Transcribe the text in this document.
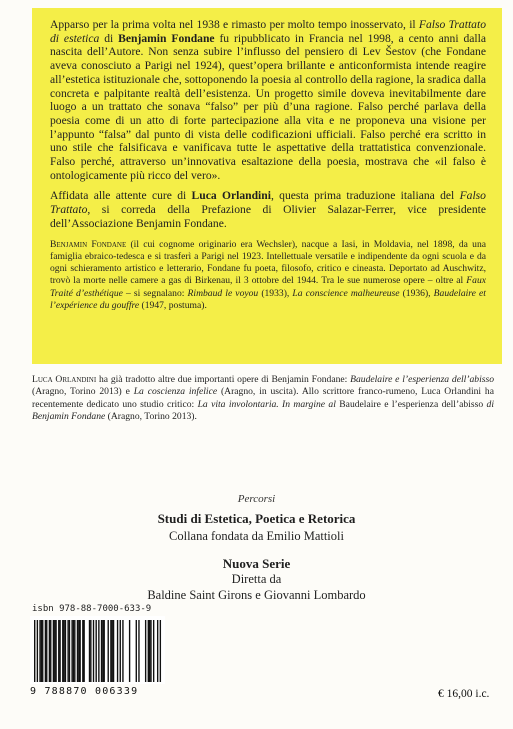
Apparso per la prima volta nel 1938 e rimasto per molto tempo inosservato, il Falso Trattato di estetica di Benjamin Fondane fu ripubblicato in Francia nel 1998, a cento anni dalla nascita dell’Autore. Non senza subire l’influsso del pensiero di Lev Šestov (che Fondane aveva conosciuto a Parigi nel 1924), quest’opera brillante e anticonformista intende reagire all’estetica istituzionale che, sottoponendo la poesia al controllo della ragione, la sradica dalla concreta e palpitante realtà dell’esistenza. Un progetto simile doveva inevitabilmente dare luogo a un trattato che sonava “falso” per più d’una ragione. Falso perché parlava della poesia come di un atto di forte partecipazione alla vita e ne proponeva una visione per l’appunto “falsa” dal punto di vista delle codificazioni ufficiali. Falso perché era scritto in uno stile che falsificava e vanificava tutte le aspettative della trattatistica convenzionale. Falso perché, attraverso un’innovativa esaltazione della poesia, mostrava che «il falso è ontologicamente più ricco del vero».

Affidata alle attente cure di Luca Orlandini, questa prima traduzione italiana del Falso Trattato, si correda della Prefazione di Olivier Salazar-Ferrer, vice presidente dell’Associazione Benjamin Fondane.

Benjamin Fondane (il cui cognome originario era Wechsler), nacque a Iasi, in Moldavia, nel 1898, da una famiglia ebraico-tedesca e si trasferì a Parigi nel 1923. Intellettuale versatile e indipendente da ogni scuola e da ogni schieramento artistico e letterario, Fondane fu poeta, filosofo, critico e cineasta. Deportato ad Auschwitz, trovò la morte nelle camere a gas di Birkenau, il 3 ottobre del 1944. Tra le sue numerose opere – oltre al Faux Traité d’esthétique – si segnalano: Rimbaud le voyou (1933), La conscience malheureuse (1936), Baudelaire et l’expérience du gouffre (1947, postuma).

Luca Orlandini ha già tradotto altre due importanti opere di Benjamin Fondane: Baudelaire e l’esperienza dell’abisso (Aragno, Torino 2013) e La coscienza infelice (Aragno, in uscita). Allo scrittore franco-rumeno, Luca Orlandini ha recentemente dedicato uno studio critico: La vita involontaria. In margine al Baudelaire e l’esperienza dell’abisso di Benjamin Fondane (Aragno, Torino 2013).
Percorsi
Studi di Estetica, Poetica e Retorica
Collana fondata da Emilio Mattioli
Nuova Serie
Diretta da
Baldine Saint Girons e Giovanni Lombardo
isbn 978-88-7000-633-9
9 788870 006339	€ 16,00 i.c.
